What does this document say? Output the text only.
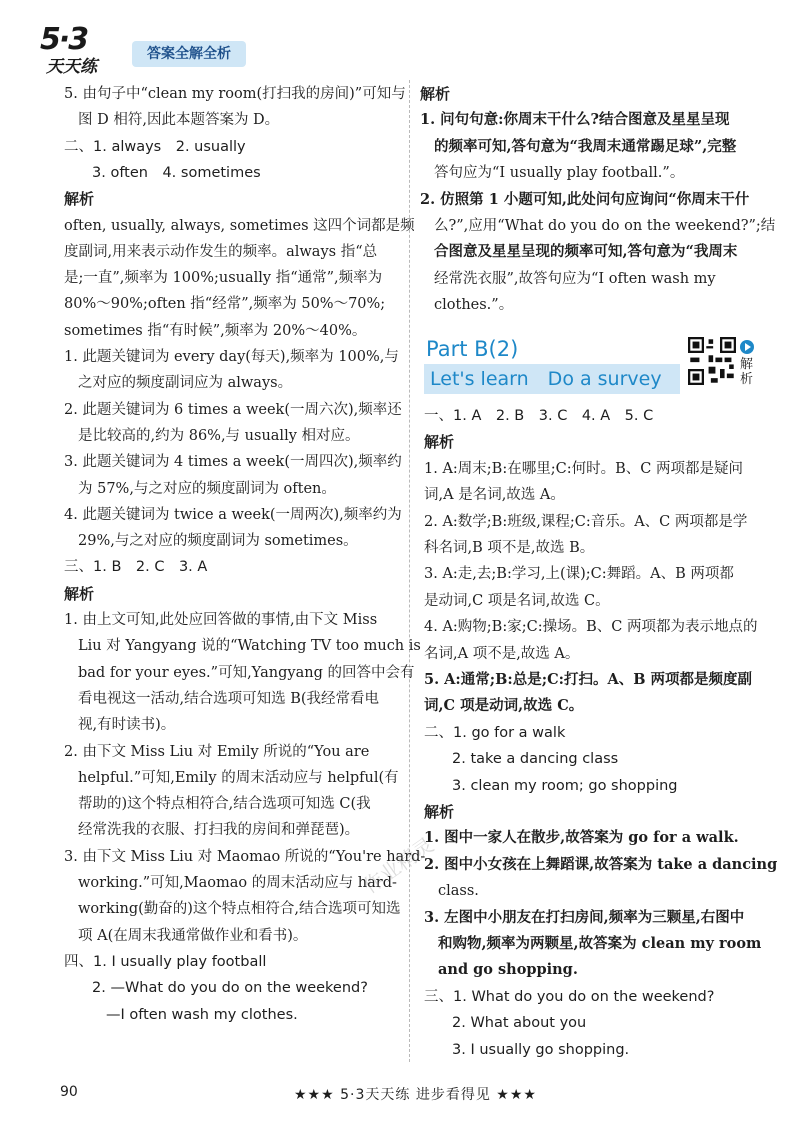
5·3
天天练
答案全解全析
5. 由句子中“clean my room(打扫我的房间)”可知与
图 D 相符,因此本题答案为 D。
二、1. always　2. usually
3. often　4. sometimes
解析
often, usually, always, sometimes 这四个词都是频
度副词,用来表示动作发生的频率。always 指“总
是;一直”,频率为 100%;usually 指“通常”,频率为
80%～90%;often 指“经常”,频率为 50%～70%;
sometimes 指“有时候”,频率为 20%～40%。
1. 此题关键词为 every day(每天),频率为 100%,与
之对应的频度副词应为 always。
2. 此题关键词为 6 times a week(一周六次),频率还
是比较高的,约为 86%,与 usually 相对应。
3. 此题关键词为 4 times a week(一周四次),频率约
为 57%,与之对应的频度副词为 often。
4. 此题关键词为 twice a week(一周两次),频率约为
29%,与之对应的频度副词为 sometimes。
三、1. B　2. C　3. A
解析
1. 由上文可知,此处应回答做的事情,由下文 Miss
Liu 对 Yangyang 说的“Watching TV too much is
bad for your eyes.”可知,Yangyang 的回答中会有
看电视这一活动,结合选项可知选 B(我经常看电
视,有时读书)。
2. 由下文 Miss Liu 对 Emily 所说的“You are
helpful.”可知,Emily 的周末活动应与 helpful(有
帮助的)这个特点相符合,结合选项可知选 C(我
经常洗我的衣服、打扫我的房间和弹琵琶)。
3. 由下文 Miss Liu 对 Maomao 所说的“You're hard-
working.”可知,Maomao 的周末活动应与 hard-
working(勤奋的)这个特点相符合,结合选项可知选
项 A(在周末我通常做作业和看书)。
四、1. I usually play football
2. —What do you do on the weekend?
—I often wash my clothes.
解析
1. 问句句意:你周末干什么?结合图意及星星呈现
的频率可知,答句意为“我周末通常踢足球”,完整
答句应为“I usually play football.”。
2. 仿照第 1 小题可知,此处问句应询问“你周末干什
么?”,应用“What do you do on the weekend?”;结
合图意及星星呈现的频率可知,答句意为“我周末
经常洗衣服”,故答句应为“I often wash my
clothes.”。
Part B(2)
Let's learn　Do a survey
解析
一、1. A　2. B　3. C　4. A　5. C
解析
1. A:周末;B:在哪里;C:何时。B、C 两项都是疑问
词,A 是名词,故选 A。
2. A:数学;B:班级,课程;C:音乐。A、C 两项都是学
科名词,B 项不是,故选 B。
3. A:走,去;B:学习,上(课);C:舞蹈。A、B 两项都
是动词,C 项是名词,故选 C。
4. A:购物;B:家;C:操场。B、C 两项都为表示地点的
名词,A 项不是,故选 A。
5. A:通常;B:总是;C:打扫。A、B 两项都是频度副
词,C 项是动词,故选 C。
二、1. go for a walk
2. take a dancing class
3. clean my room; go shopping
解析
1. 图中一家人在散步,故答案为 go for a walk.
2. 图中小女孩在上舞蹈课,故答案为 take a dancing
class.
3. 左图中小朋友在打扫房间,频率为三颗星,右图中
和购物,频率为两颗星,故答案为 clean my room
and go shopping.
三、1. What do you do on the weekend?
2. What about you
3. I usually go shopping.
作业精灵
90	★★★ 5·3天天练 进步看得见 ★★★
